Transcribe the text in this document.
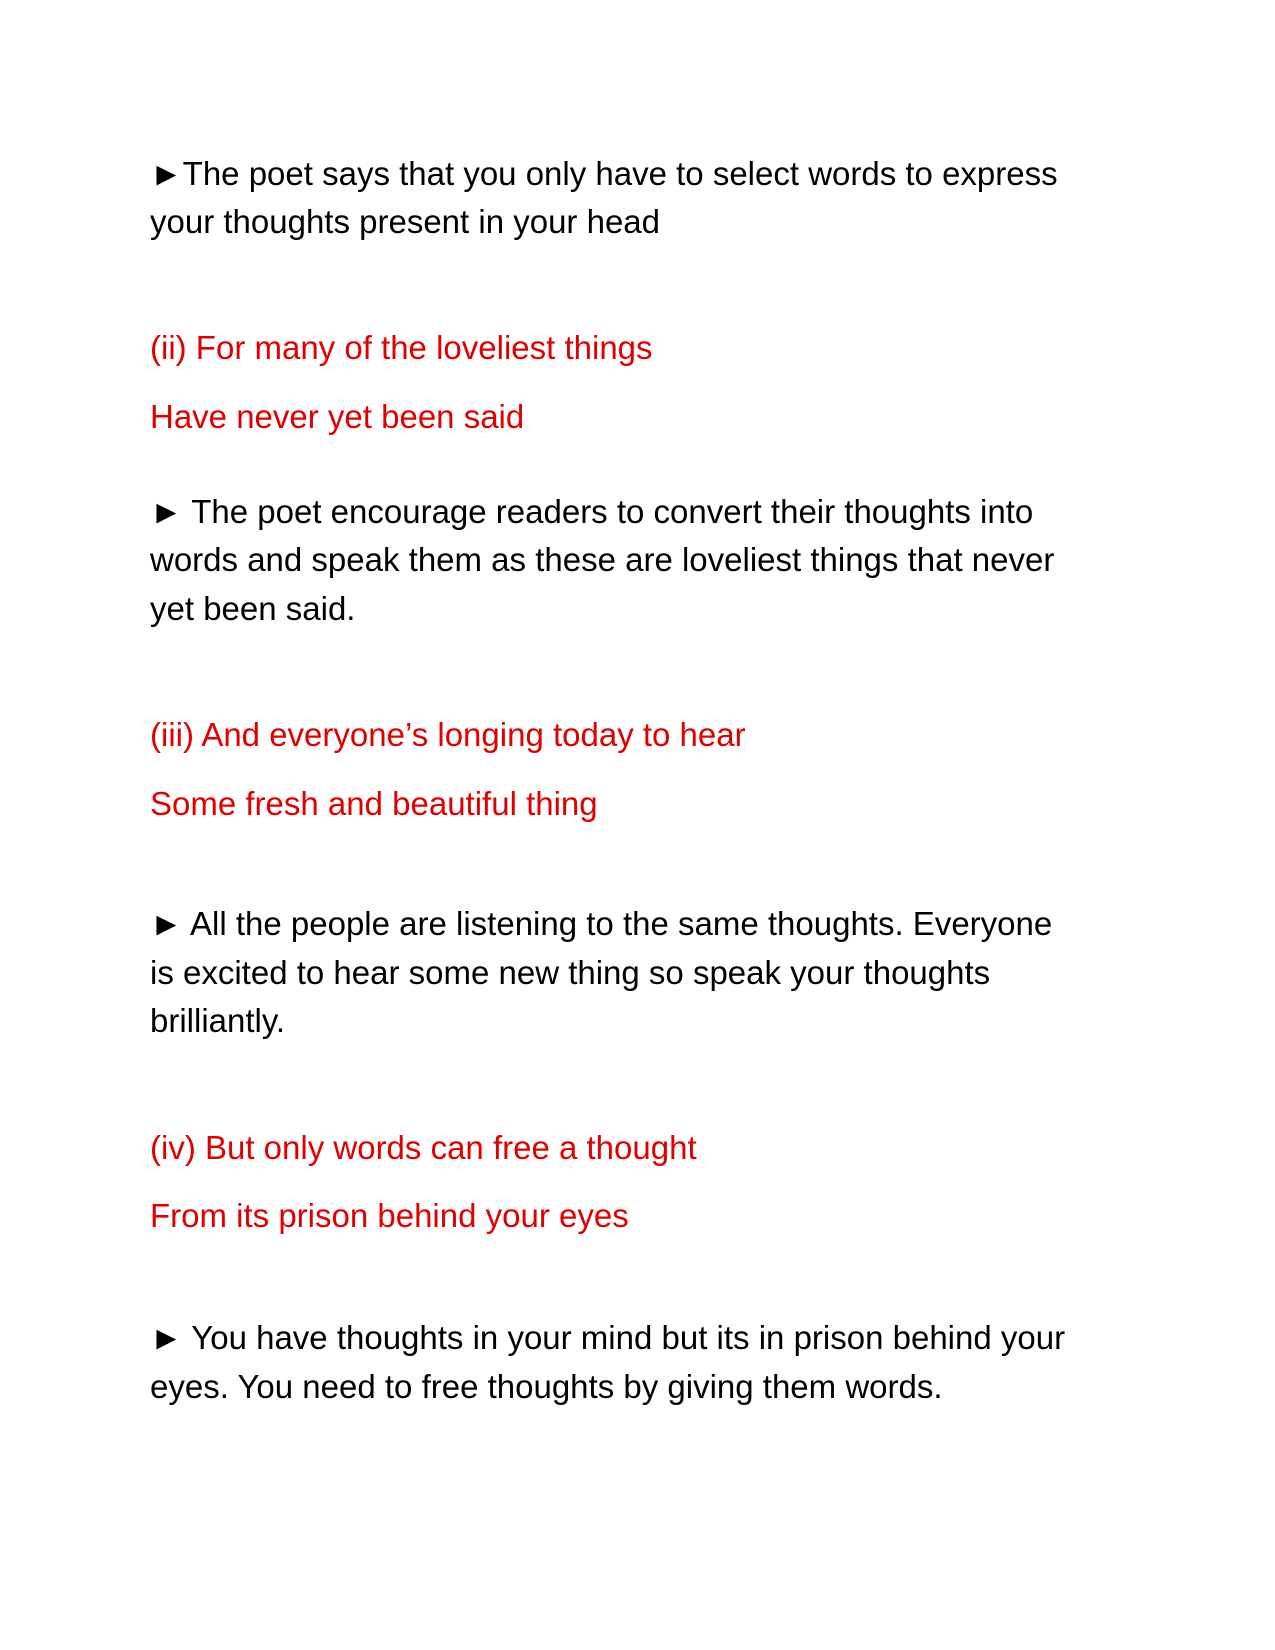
►The poet says that you only have to select words to express

your thoughts present in your head

(ii) For many of the loveliest things

Have never yet been said

► The poet encourage readers to convert their thoughts into

words and speak them as these are loveliest things that never

yet been said.

(iii) And everyone’s longing today to hear

Some fresh and beautiful thing

► All the people are listening to the same thoughts. Everyone

is excited to hear some new thing so speak your thoughts

brilliantly.

(iv) But only words can free a thought

From its prison behind your eyes

► You have thoughts in your mind but its in prison behind your

eyes. You need to free thoughts by giving them words.
